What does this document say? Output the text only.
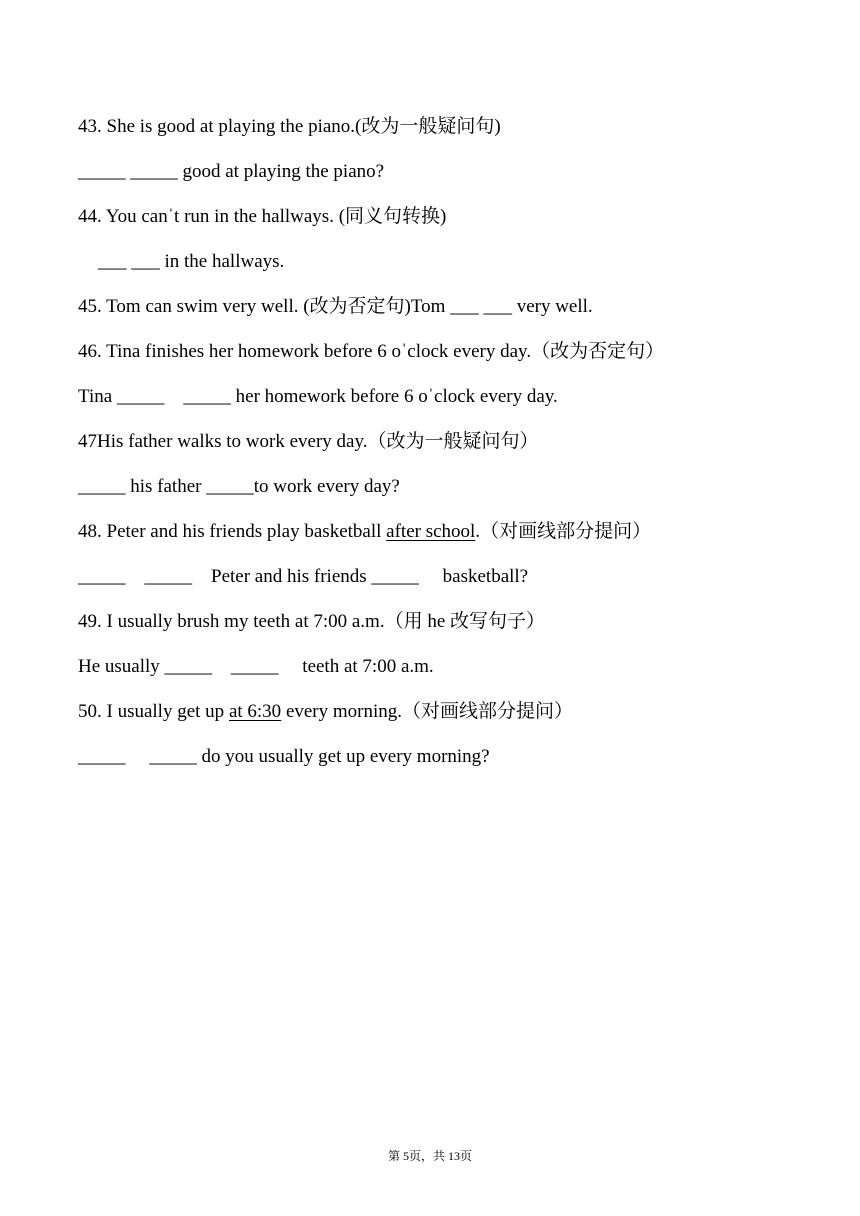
43. She is good at playing the piano.(改为一般疑问句)

_____ _____ good at playing the piano?

44. You canˈt run in the hallways. (同义句转换)

___ ___ in the hallways.

45. Tom can swim very well. (改为否定句)Tom ___ ___ very well.

46. Tina finishes her homework before 6 oˈclock every day.（改为否定句）

Tina _____    _____ her homework before 6 oˈclock every day.

47His father walks to work every day.（改为一般疑问句）

_____ his father _____to work every day?

48. Peter and his friends play basketball after school.（对画线部分提问）

_____    _____    Peter and his friends _____     basketball?

49. I usually brush my teeth at 7:00 a.m.（用 he 改写句子）

He usually _____    _____     teeth at 7:00 a.m.

50. I usually get up at 6:30 every morning.（对画线部分提问）

_____     _____ do you usually get up every morning?

第 5页，共 13页
